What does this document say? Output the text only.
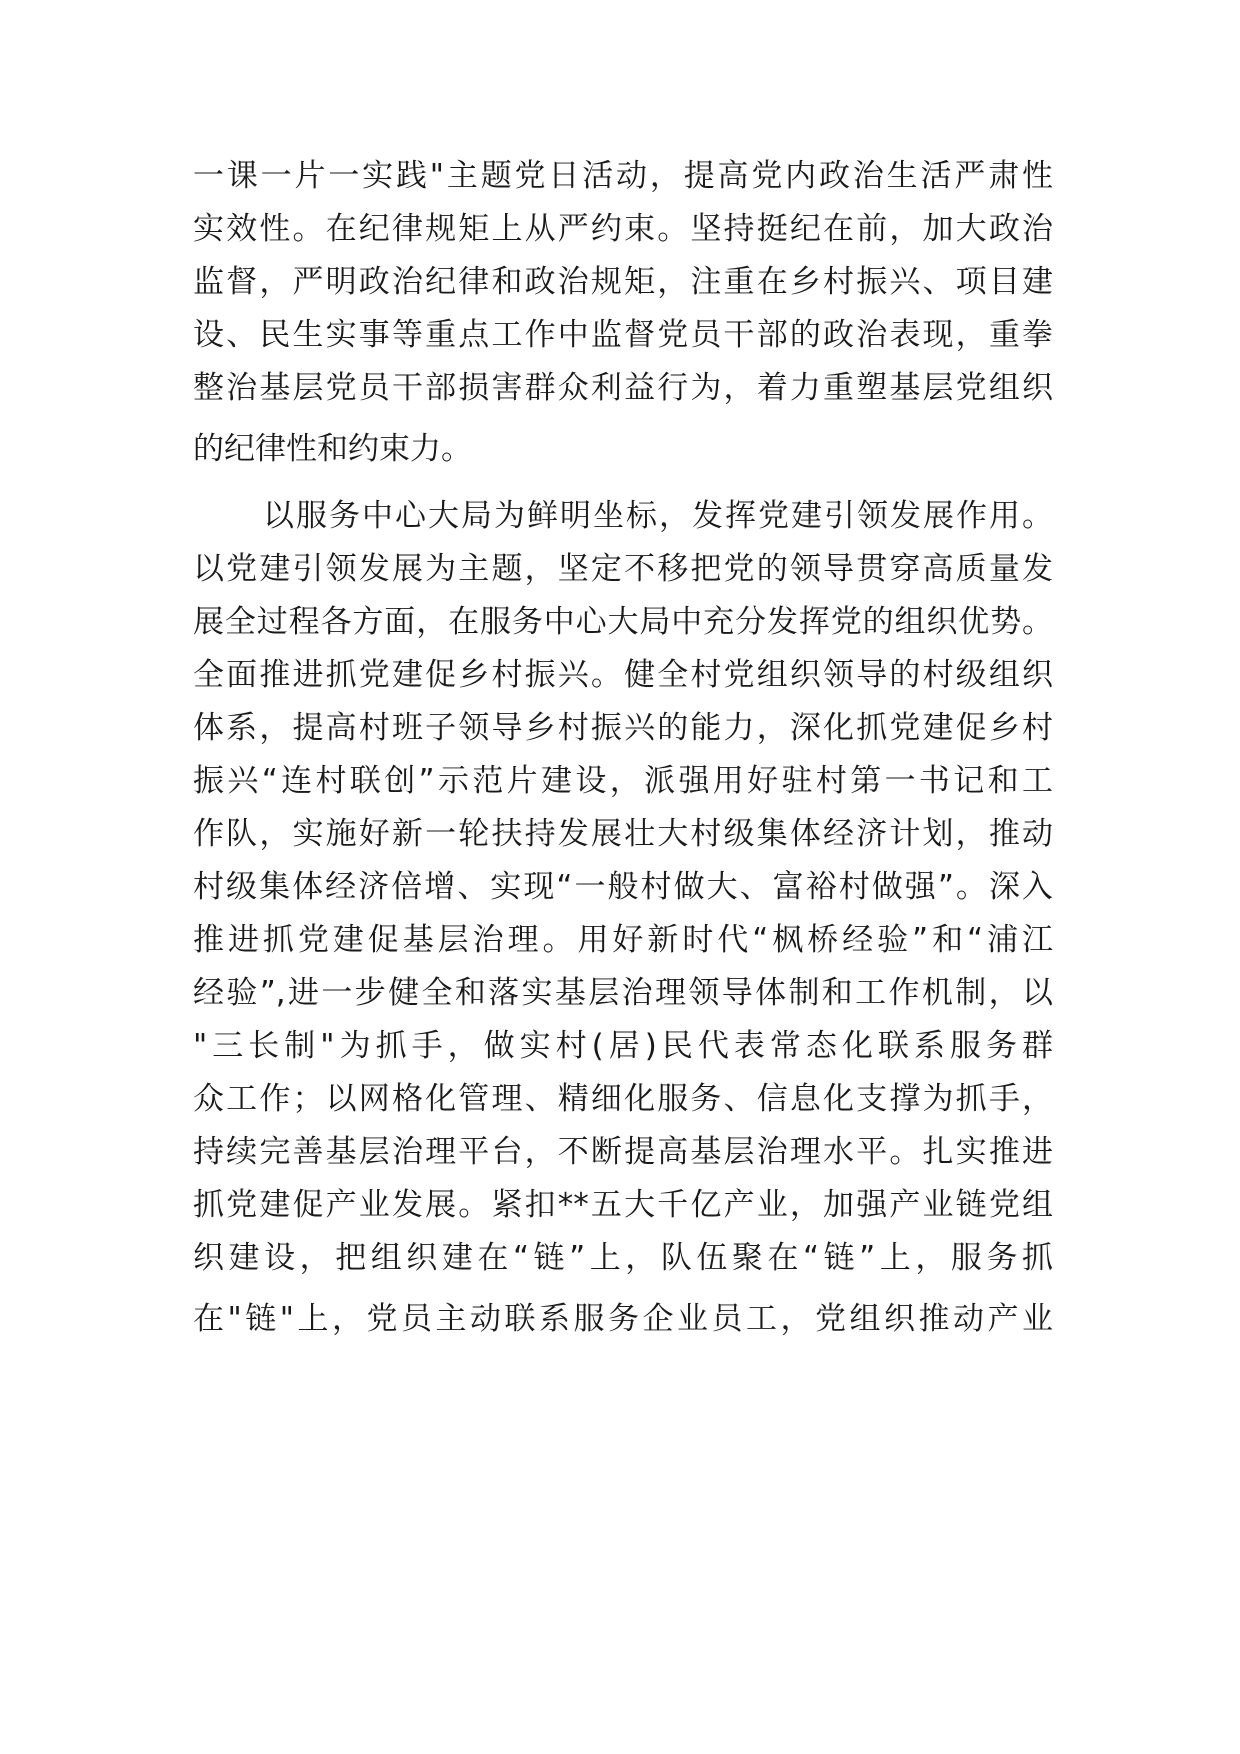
一课一片一实践"主题党日活动，提高党内政治生活严肃性
实效性。在纪律规矩上从严约束。坚持挺纪在前，加大政治
监督，严明政治纪律和政治规矩，注重在乡村振兴、项目建
设、民生实事等重点工作中监督党员干部的政治表现，重拳
整治基层党员干部损害群众利益行为，着力重塑基层党组织
的纪律性和约束力。
以服务中心大局为鲜明坐标，发挥党建引领发展作用。
以党建引领发展为主题，坚定不移把党的领导贯穿高质量发
展全过程各方面，在服务中心大局中充分发挥党的组织优势。
全面推进抓党建促乡村振兴。健全村党组织领导的村级组织
体系，提高村班子领导乡村振兴的能力，深化抓党建促乡村
振兴“连村联创”示范片建设，派强用好驻村第一书记和工
作队，实施好新一轮扶持发展壮大村级集体经济计划，推动
村级集体经济倍增、实现“一般村做大、富裕村做强”。深入
推进抓党建促基层治理。用好新时代“枫桥经验”和“浦江
经验”,进一步健全和落实基层治理领导体制和工作机制，以
"三长制"为抓手，做实村(居)民代表常态化联系服务群
众工作；以网格化管理、精细化服务、信息化支撑为抓手，
持续完善基层治理平台，不断提高基层治理水平。扎实推进
抓党建促产业发展。紧扣**五大千亿产业，加强产业链党组
织建设，把组织建在“链”上，队伍聚在“链”上，服务抓
在"链"上，党员主动联系服务企业员工，党组织推动产业
